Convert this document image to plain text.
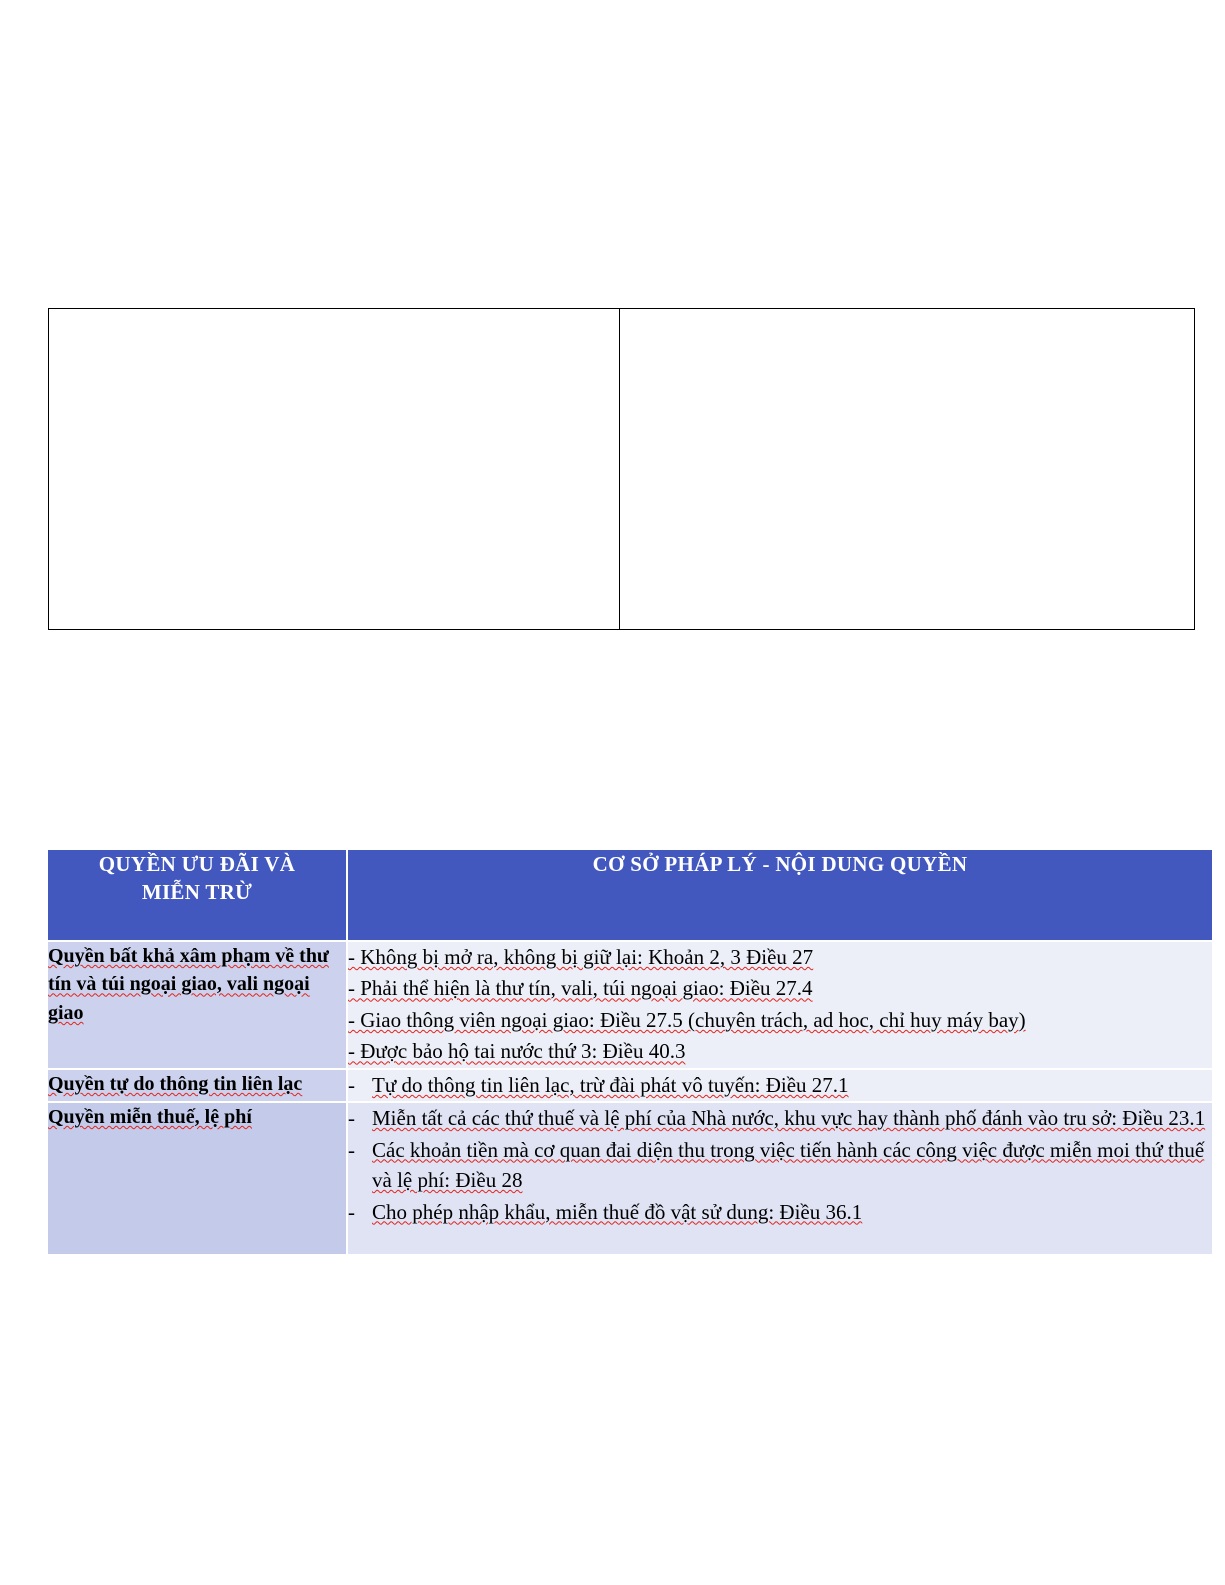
QUYỀN ƯU ĐÃI VÀ
MIỄN TRỪ	CƠ SỞ PHÁP LÝ - NỘI DUNG QUYỀN
Quyền bất khả xâm phạm về thư tín và túi ngoại giao, vali ngoại giao	- Không bị mở ra, không bị giữ lại: Khoản 2, 3 Điều 27
- Phải thể hiện là thư tín, vali, túi ngoại giao: Điều 27.4
- Giao thông viên ngoại giao: Điều 27.5 (chuyên trách, ad hoc, chỉ huy máy bay)
- Được bảo hộ tai nước thứ 3: Điều 40.3

Quyền tự do thông tin liên lạc	- Tự do thông tin liên lạc, trừ đài phát vô tuyến: Điều 27.1

Quyền miễn thuế, lệ phí	- Miễn tất cả các thứ thuế và lệ phí của Nhà nước, khu vực hay thành phố đánh vào tru sở: Điều 23.1
- Các khoản tiền mà cơ quan đai diện thu trong việc tiến hành các công việc được miễn moi thứ thuế và lệ phí: Điều 28
- Cho phép nhập khẩu, miễn thuế đồ vật sử dung: Điều 36.1
